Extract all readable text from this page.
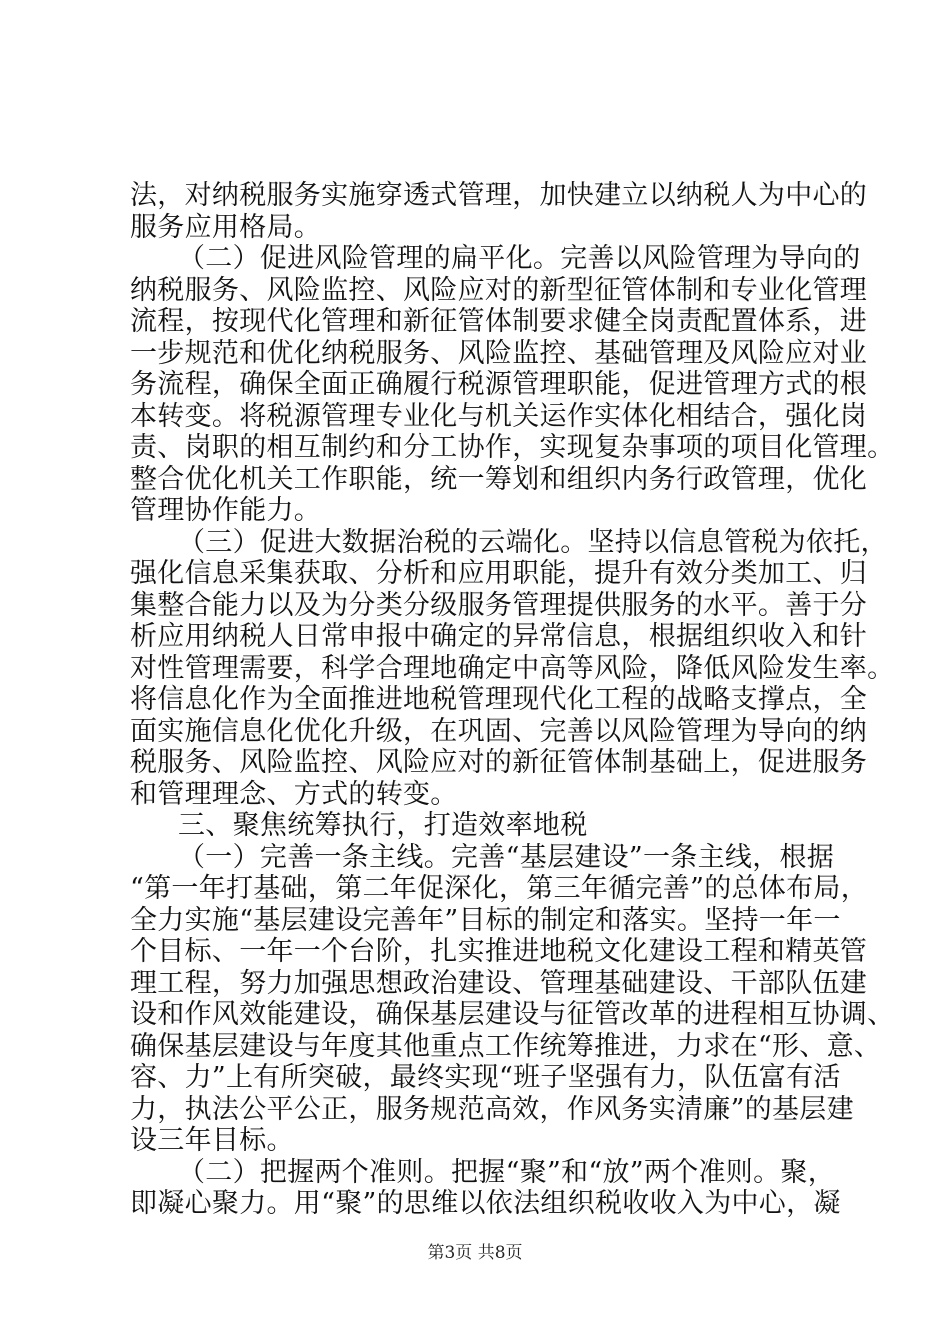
法，对纳税服务实施穿透式管理，加快建立以纳税人为中心的
服务应用格局。
（二）促进风险管理的扁平化。完善以风险管理为导向的
纳税服务、风险监控、风险应对的新型征管体制和专业化管理
流程，按现代化管理和新征管体制要求健全岗责配置体系，进
一步规范和优化纳税服务、风险监控、基础管理及风险应对业
务流程，确保全面正确履行税源管理职能，促进管理方式的根
本转变。将税源管理专业化与机关运作实体化相结合，强化岗
责、岗职的相互制约和分工协作，实现复杂事项的项目化管理。
整合优化机关工作职能，统一筹划和组织内务行政管理，优化
管理协作能力。
（三）促进大数据治税的云端化。坚持以信息管税为依托，
强化信息采集获取、分析和应用职能，提升有效分类加工、归
集整合能力以及为分类分级服务管理提供服务的水平。善于分
析应用纳税人日常申报中确定的异常信息，根据组织收入和针
对性管理需要，科学合理地确定中高等风险，降低风险发生率。
将信息化作为全面推进地税管理现代化工程的战略支撑点，全
面实施信息化优化升级，在巩固、完善以风险管理为导向的纳
税服务、风险监控、风险应对的新征管体制基础上，促进服务
和管理理念、方式的转变。
三、聚焦统筹执行，打造效率地税
（一）完善一条主线。完善“基层建设”一条主线，根据
“第一年打基础，第二年促深化，第三年循完善”的总体布局，
全力实施“基层建设完善年”目标的制定和落实。坚持一年一
个目标、一年一个台阶，扎实推进地税文化建设工程和精英管
理工程，努力加强思想政治建设、管理基础建设、干部队伍建
设和作风效能建设，确保基层建设与征管改革的进程相互协调、
确保基层建设与年度其他重点工作统筹推进，力求在“形、意、
容、力”上有所突破，最终实现“班子坚强有力，队伍富有活
力，执法公平公正，服务规范高效，作风务实清廉”的基层建
设三年目标。
（二）把握两个准则。把握“聚”和“放”两个准则。聚，
即凝心聚力。用“聚”的思维以依法组织税收收入为中心，凝
第3页 共8页
